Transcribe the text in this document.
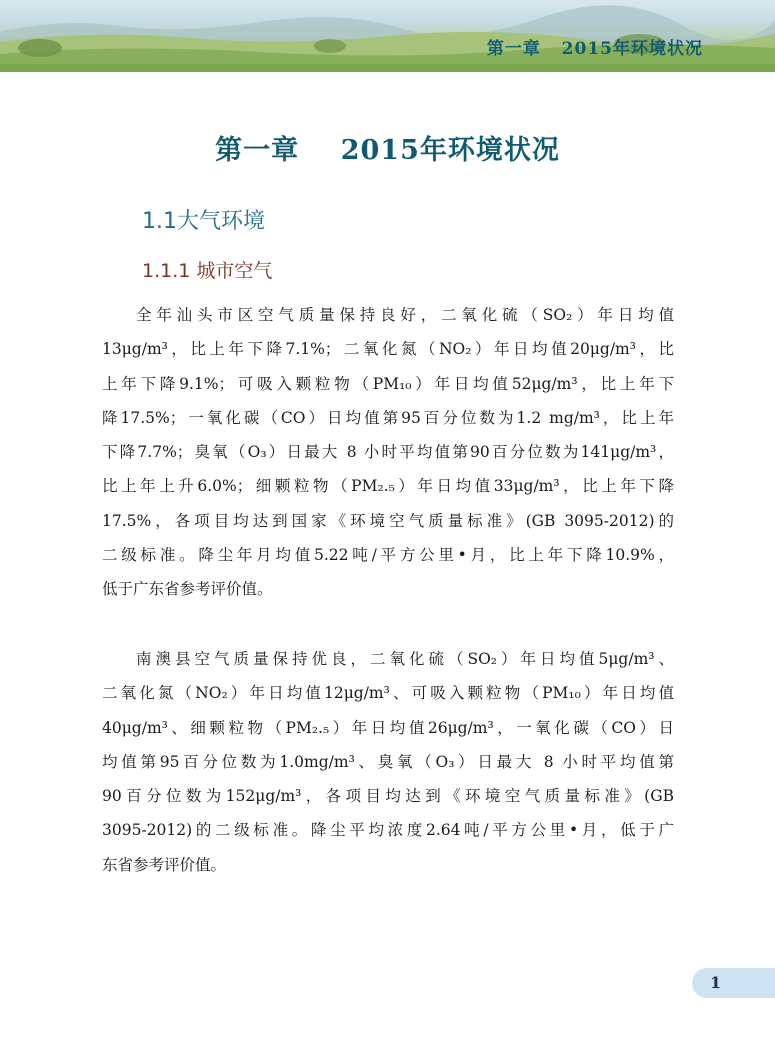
第一章   2015年环境状况
第一章    2015年环境状况
1.1大气环境
1.1.1 城市空气
全年汕头市区空气质量保持良好，二氧化硫（SO₂）年日均值
13μg/m³，比上年下降7.1%；二氧化氮（NO₂）年日均值20μg/m³，比
上年下降9.1%；可吸入颗粒物（PM₁₀）年日均值52μg/m³，比上年下
降17.5%；一氧化碳（CO）日均值第95百分位数为1.2 mg/m³，比上年
下降7.7%；臭氧（O₃）日最大 8 小时平均值第90百分位数为141μg/m³，
比上年上升6.0%；细颗粒物（PM₂.₅）年日均值33μg/m³，比上年下降
17.5%，各项目均达到国家《环境空气质量标准》(GB 3095-2012)的
二级标准。降尘年月均值5.22吨/平方公里•月，比上年下降10.9%，
低于广东省参考评价值。
南澳县空气质量保持优良，二氧化硫（SO₂）年日均值5μg/m³、
二氧化氮（NO₂）年日均值12μg/m³、可吸入颗粒物（PM₁₀）年日均值
40μg/m³、细颗粒物（PM₂.₅）年日均值26μg/m³，一氧化碳（CO）日
均值第95百分位数为1.0mg/m³、臭氧（O₃）日最大 8 小时平均值第
90百分位数为152μg/m³，各项目均达到《环境空气质量标准》(GB
3095-2012)的二级标准。降尘平均浓度2.64吨/平方公里•月，低于广
东省参考评价值。
1
